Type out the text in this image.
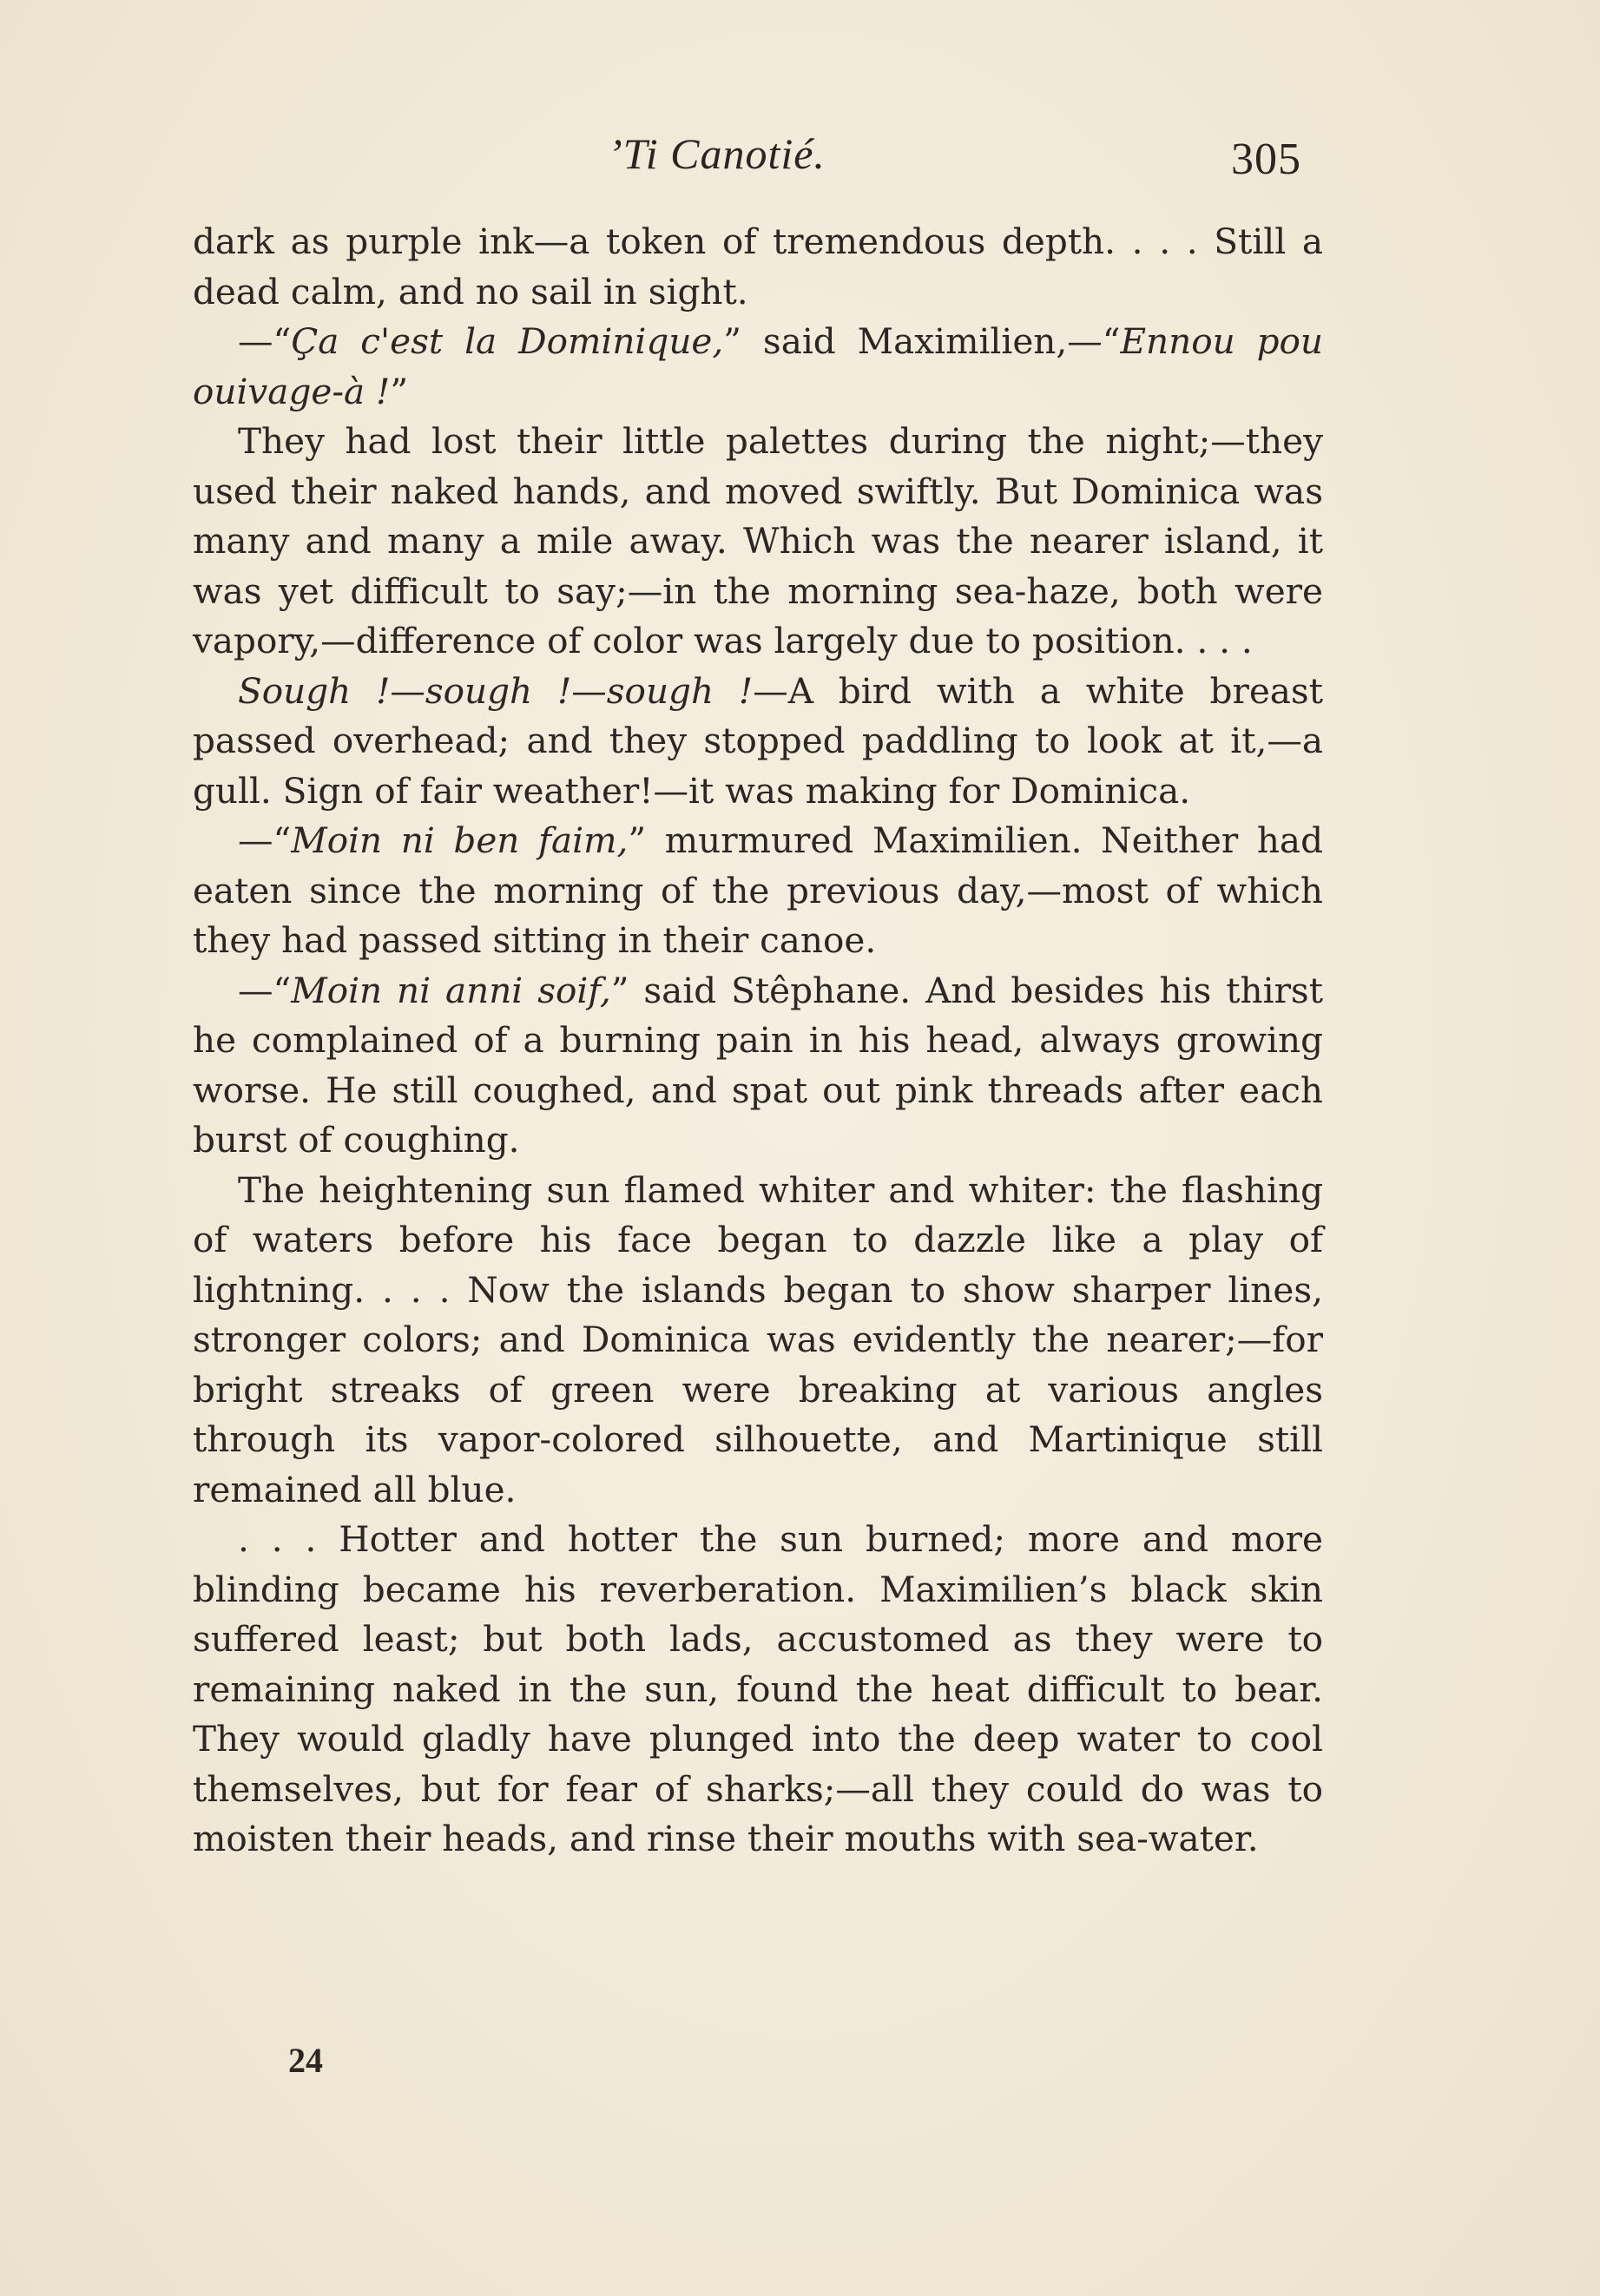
’Ti Canotié.	305

dark as purple ink—a token of tremendous depth. . . . Still a dead calm, and no sail in sight.

—“Ça c'est la Dominique,” said Maximilien,—“Ennou pou ouivage-à !”

They had lost their little palettes during the night;—they used their naked hands, and moved swiftly. But Dominica was many and many a mile away. Which was the nearer island, it was yet difficult to say;—in the morning sea-haze, both were vapory,—difference of color was largely due to position. . . .

Sough !—sough !—sough !—A bird with a white breast passed overhead; and they stopped paddling to look at it,—a gull. Sign of fair weather!—it was making for Dominica.

—“Moin ni ben faim,” murmured Maximilien. Neither had eaten since the morning of the previous day,—most of which they had passed sitting in their canoe.

—“Moin ni anni soif,” said Stêphane. And besides his thirst he complained of a burning pain in his head, always growing worse. He still coughed, and spat out pink threads after each burst of coughing.

The heightening sun flamed whiter and whiter: the flashing of waters before his face began to dazzle like a play of lightning. . . . Now the islands began to show sharper lines, stronger colors; and Dominica was evidently the nearer;—for bright streaks of green were breaking at various angles through its vapor-colored silhouette, and Martinique still remained all blue.

. . . Hotter and hotter the sun burned; more and more blinding became his reverberation. Maximilien’s black skin suffered least; but both lads, accustomed as they were to remaining naked in the sun, found the heat difficult to bear. They would gladly have plunged into the deep water to cool themselves, but for fear of sharks;—all they could do was to moisten their heads, and rinse their mouths with sea-water.

24
